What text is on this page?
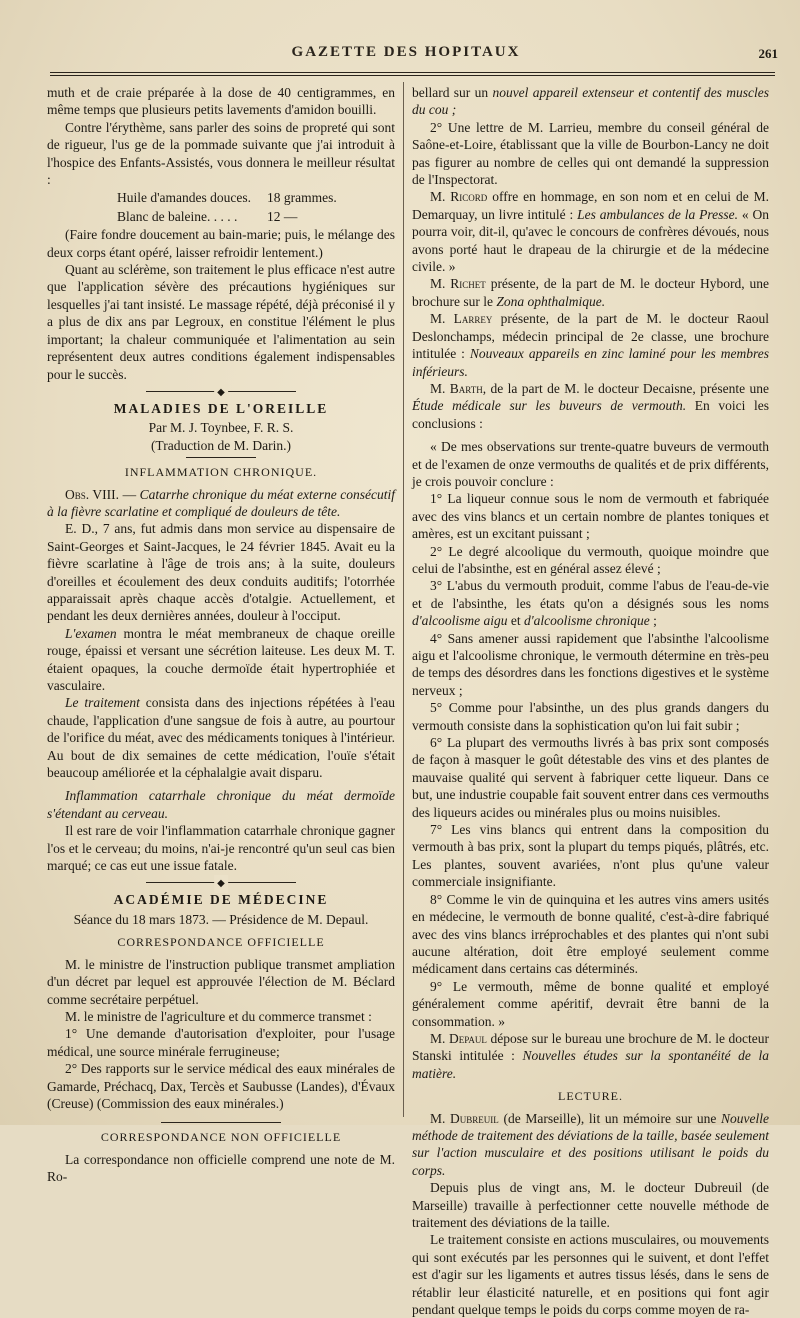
GAZETTE DES HOPITAUX	261

muth et de craie préparée à la dose de 40 centigrammes, en même temps que plusieurs petits lavements d'amidon bouilli.

Contre l'érythème, sans parler des soins de propreté qui sont de rigueur, l'us ge de la pommade suivante que j'ai introduit à l'hospice des Enfants-Assistés, vous donnera le meilleur résultat :

Huile d'amandes douces. 18 grammes.

Blanc de baleine. . . . . 12 —

(Faire fondre doucement au bain-marie; puis, le mélange des deux corps étant opéré, laisser refroidir lentement.)

Quant au sclérème, son traitement le plus efficace n'est autre que l'application sévère des précautions hygiéniques sur lesquelles j'ai tant insisté. Le massage répété, déjà préconisé il y a plus de dix ans par Legroux, en constitue l'élément le plus important; la chaleur communiquée et l'alimentation au sein représentent deux autres conditions également indispensables pour le succès.

◆
MALADIES DE L'OREILLE

Par M. J. Toynbee, F. R. S.

(Traduction de M. Darin.)

INFLAMMATION CHRONIQUE.

Obs. VIII. — Catarrhe chronique du méat externe consécutif à la fièvre scarlatine et compliqué de douleurs de tête.

E. D., 7 ans, fut admis dans mon service au dispensaire de Saint-Georges et Saint-Jacques, le 24 février 1845. Avait eu la fièvre scarlatine à l'âge de trois ans; à la suite, douleurs d'oreilles et écoulement des deux conduits auditifs; l'otorrhée apparaissait après chaque accès d'otalgie. Actuellement, et pendant les deux dernières années, douleur à l'occiput.

L'examen montra le méat membraneux de chaque oreille rouge, épaissi et versant une sécrétion laiteuse. Les deux M. T. étaient opaques, la couche dermoïde était hypertrophiée et vasculaire.

Le traitement consista dans des injections répétées à l'eau chaude, l'application d'une sangsue de fois à autre, au pourtour de l'orifice du méat, avec des médicaments toniques à l'intérieur. Au bout de dix semaines de cette médication, l'ouïe s'était beaucoup améliorée et la céphalalgie avait disparu.

Inflammation catarrhale chronique du méat dermoïde s'étendant au cerveau.

Il est rare de voir l'inflammation catarrhale chronique gagner l'os et le cerveau; du moins, n'ai-je rencontré qu'un seul cas bien marqué; ce cas eut une issue fatale.

◆
ACADÉMIE DE MÉDECINE

Séance du 18 mars 1873. — Présidence de M. Depaul.

CORRESPONDANCE OFFICIELLE

M. le ministre de l'instruction publique transmet ampliation d'un décret par lequel est approuvée l'élection de M. Béclard comme secrétaire perpétuel.

M. le ministre de l'agriculture et du commerce transmet :

1° Une demande d'autorisation d'exploiter, pour l'usage médical, une source minérale ferrugineuse;

2° Des rapports sur le service médical des eaux minérales de Gamarde, Préchacq, Dax, Tercès et Saubusse (Landes), d'Évaux (Creuse) (Commission des eaux minérales.)

CORRESPONDANCE NON OFFICIELLE

La correspondance non officielle comprend une note de M. Ro-

bellard sur un nouvel appareil extenseur et contentif des muscles du cou ;

2° Une lettre de M. Larrieu, membre du conseil général de Saône-et-Loire, établissant que la ville de Bourbon-Lancy ne doit pas figurer au nombre de celles qui ont demandé la suppression de l'Inspectorat.

M. Ricord offre en hommage, en son nom et en celui de M. Demarquay, un livre intitulé : Les ambulances de la Presse. « On pourra voir, dit-il, qu'avec le concours de confrères dévoués, nous avons porté haut le drapeau de la chirurgie et de la médecine civile. »

M. Richet présente, de la part de M. le docteur Hybord, une brochure sur le Zona ophthalmique.

M. Larrey présente, de la part de M. le docteur Raoul Deslonchamps, médecin principal de 2e classe, une brochure intitulée : Nouveaux appareils en zinc laminé pour les membres inférieurs.

M. Barth, de la part de M. le docteur Decaisne, présente une Étude médicale sur les buveurs de vermouth. En voici les conclusions :

« De mes observations sur trente-quatre buveurs de vermouth et de l'examen de onze vermouths de qualités et de prix différents, je crois pouvoir conclure :

1° La liqueur connue sous le nom de vermouth et fabriquée avec des vins blancs et un certain nombre de plantes toniques et amères, est un excitant puissant ;

2° Le degré alcoolique du vermouth, quoique moindre que celui de l'absinthe, est en général assez élevé ;

3° L'abus du vermouth produit, comme l'abus de l'eau-de-vie et de l'absinthe, les états qu'on a désignés sous les noms d'alcoolisme aigu et d'alcoolisme chronique ;

4° Sans amener aussi rapidement que l'absinthe l'alcoolisme aigu et l'alcoolisme chronique, le vermouth détermine en très-peu de temps des désordres dans les fonctions digestives et le système nerveux ;

5° Comme pour l'absinthe, un des plus grands dangers du vermouth consiste dans la sophistication qu'on lui fait subir ;

6° La plupart des vermouths livrés à bas prix sont composés de façon à masquer le goût détestable des vins et des plantes de mauvaise qualité qui servent à fabriquer cette liqueur. Dans ce but, une industrie coupable fait souvent entrer dans ces vermouths des liqueurs acides ou minérales plus ou moins nuisibles.

7° Les vins blancs qui entrent dans la composition du vermouth à bas prix, sont la plupart du temps piqués, plâtrés, etc. Les plantes, souvent avariées, n'ont plus qu'une valeur commerciale insignifiante.

8° Comme le vin de quinquina et les autres vins amers usités en médecine, le vermouth de bonne qualité, c'est-à-dire fabriqué avec des vins blancs irréprochables et des plantes qui n'ont subi aucune altération, doit être employé seulement comme médicament dans certains cas déterminés.

9° Le vermouth, même de bonne qualité et employé généralement comme apéritif, devrait être banni de la consommation. »

M. Depaul dépose sur le bureau une brochure de M. le docteur Stanski intitulée : Nouvelles études sur la spontanéité de la matière.

LECTURE.

M. Dubreuil (de Marseille), lit un mémoire sur une Nouvelle méthode de traitement des déviations de la taille, basée seulement sur l'action musculaire et des positions utilisant le poids du corps.

Depuis plus de vingt ans, M. le docteur Dubreuil (de Marseille) travaille à perfectionner cette nouvelle méthode de traitement des déviations de la taille.

Le traitement consiste en actions musculaires, ou mouvements qui sont exécutés par les personnes qui le suivent, et dont l'effet est d'agir sur les ligaments et autres tissus lésés, dans le sens de rétablir leur élasticité naturelle, et en positions qui font agir pendant quelque temps le poids du corps comme moyen de ra-
